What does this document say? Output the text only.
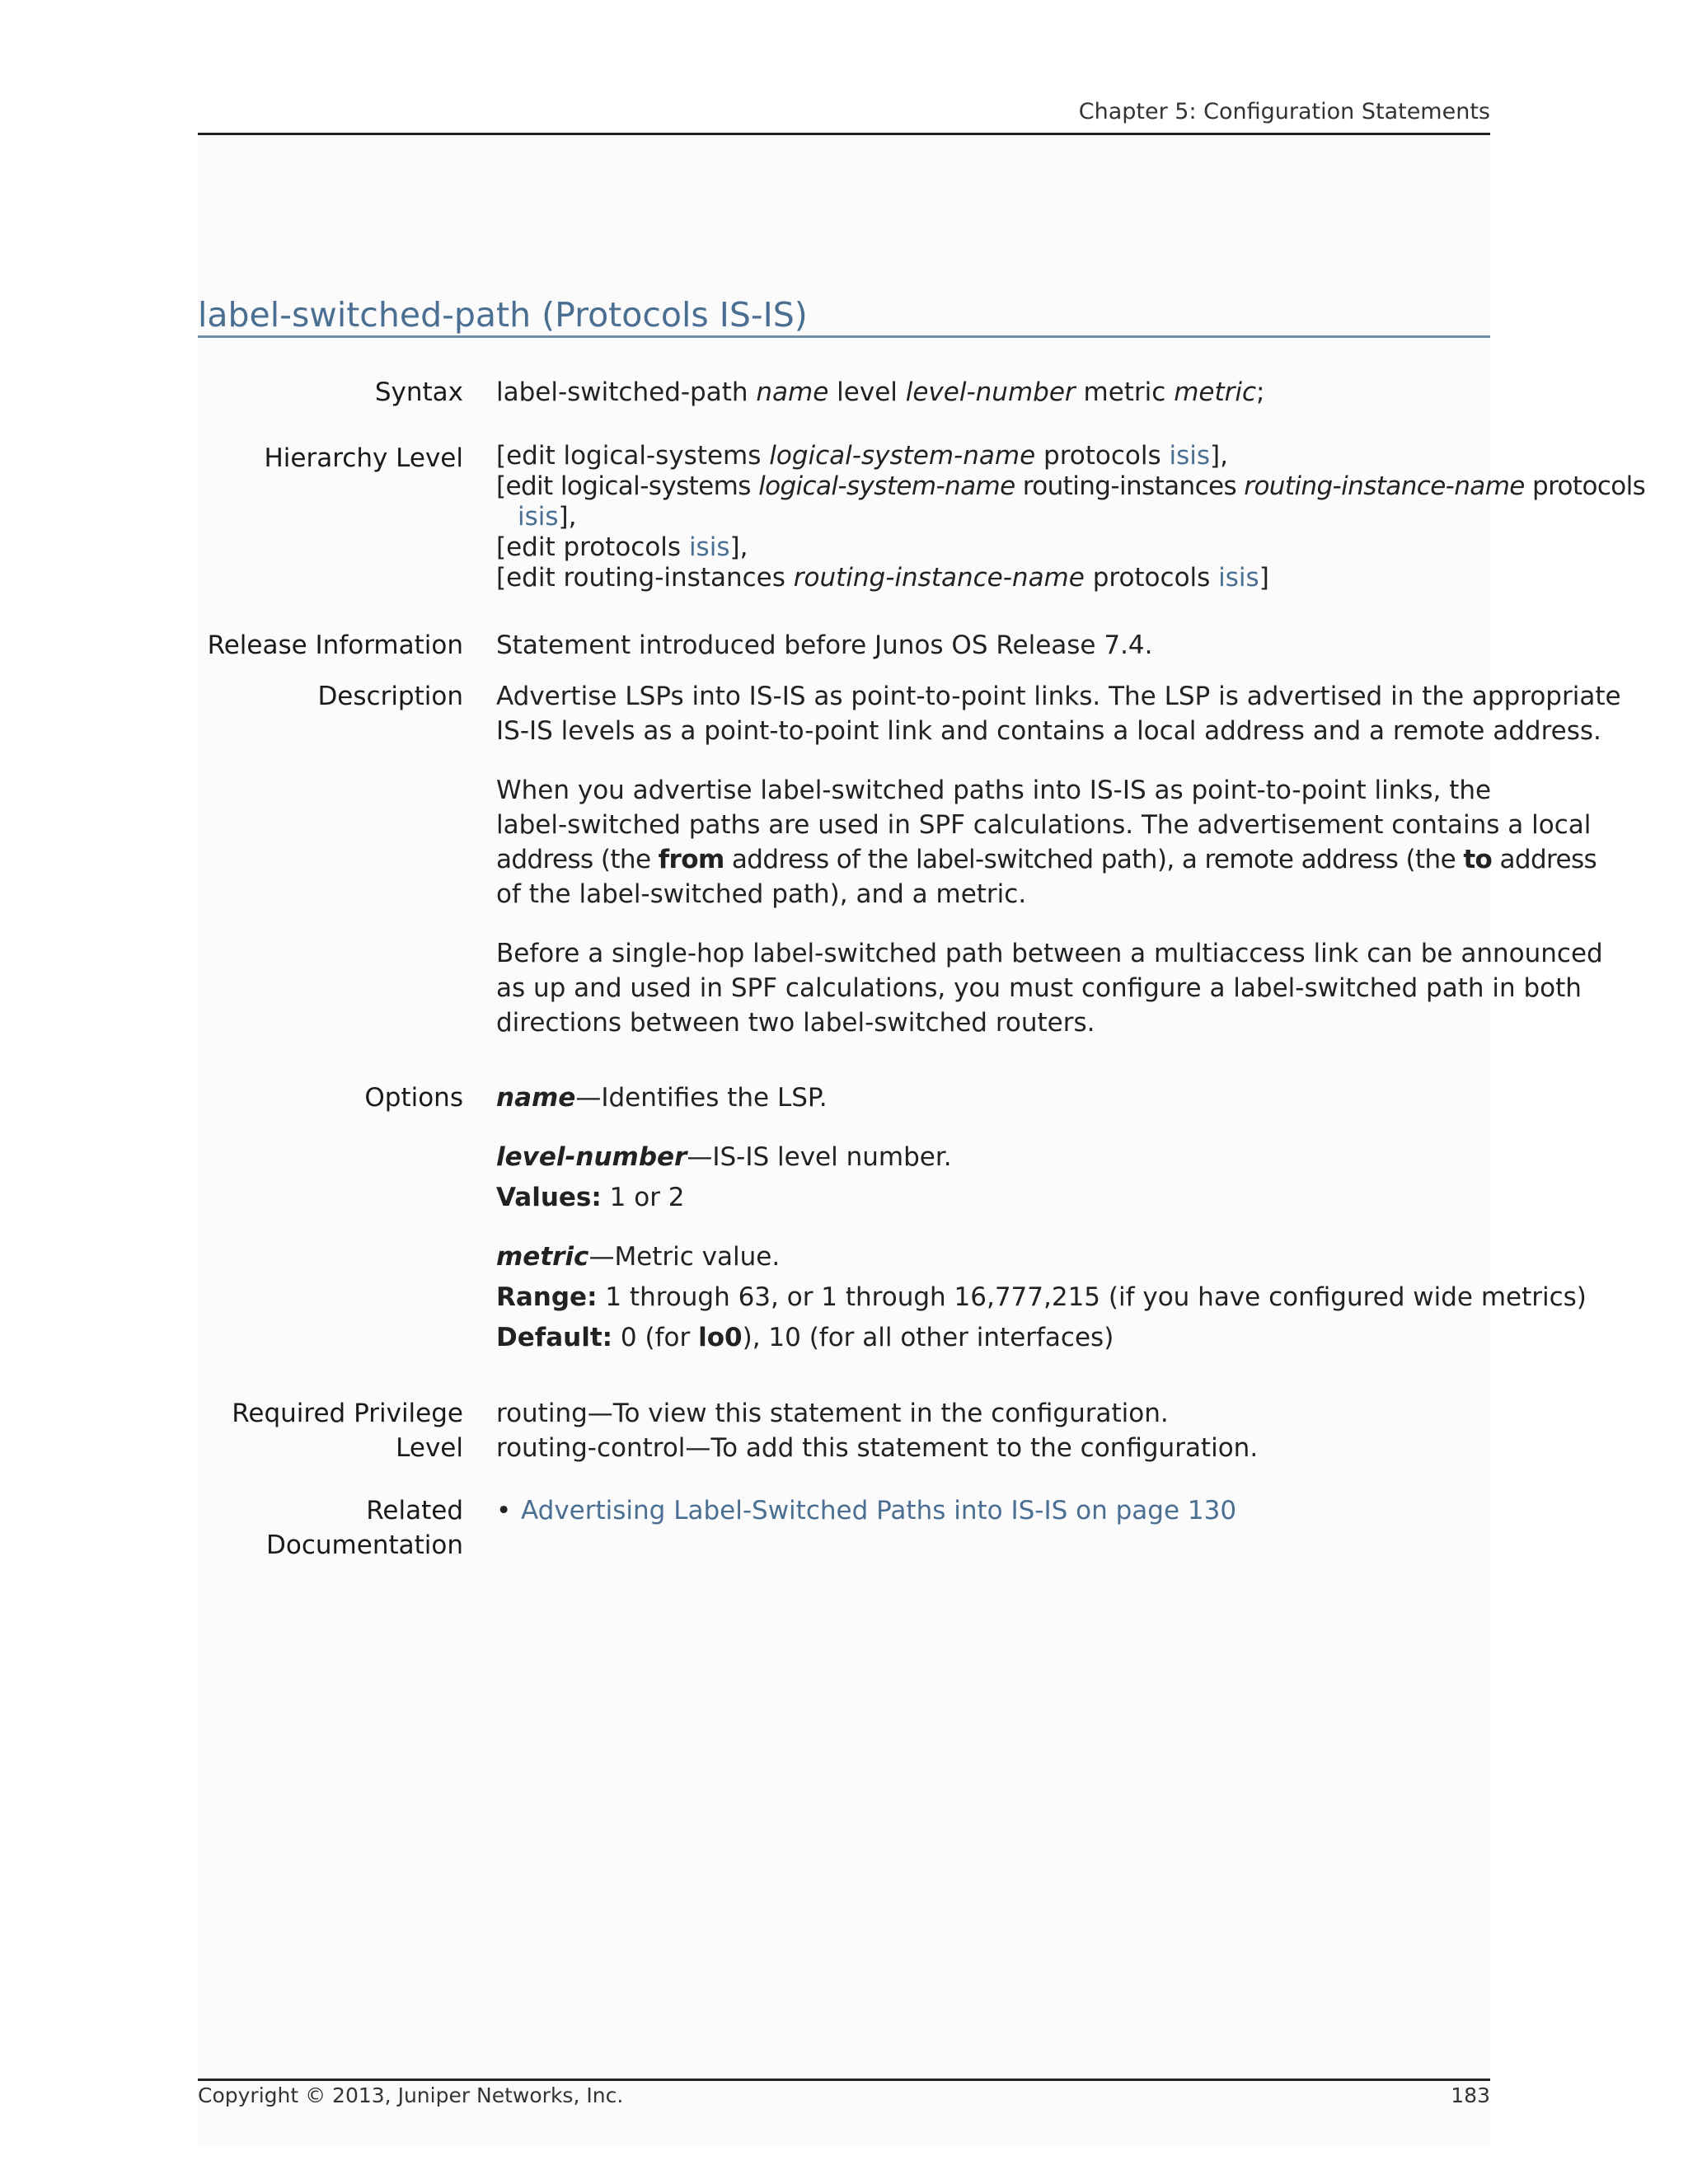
Chapter 5: Configuration Statements
label-switched-path (Protocols IS-IS)
Syntax label-switched-path name level level-number metric metric;
Hierarchy Level [edit logical-systems logical-system-name protocols isis],
[edit logical-systems logical-system-name routing-instances routing-instance-name protocols
isis],
[edit protocols isis],
[edit routing-instances routing-instance-name protocols isis]
Release Information Statement introduced before Junos OS Release 7.4.
Description Advertise LSPs into IS-IS as point-to-point links. The LSP is advertised in the appropriate
IS-IS levels as a point-to-point link and contains a local address and a remote address.
When you advertise label-switched paths into IS-IS as point-to-point links, the
label-switched paths are used in SPF calculations. The advertisement contains a local
address (the from address of the label-switched path), a remote address (the to address
of the label-switched path), and a metric.
Before a single-hop label-switched path between a multiaccess link can be announced
as up and used in SPF calculations, you must configure a label-switched path in both
directions between two label-switched routers.
Options name—Identifies the LSP.
level-number—IS-IS level number.
Values: 1 or 2
metric—Metric value.
Range: 1 through 63, or 1 through 16,777,215 (if you have configured wide metrics)
Default: 0 (for lo0), 10 (for all other interfaces)
Required Privilege
Level
routing—To view this statement in the configuration.
routing-control—To add this statement to the configuration.
Related
Documentation
• Advertising Label-Switched Paths into IS-IS on page 130
Copyright © 2013, Juniper Networks, Inc.	183
